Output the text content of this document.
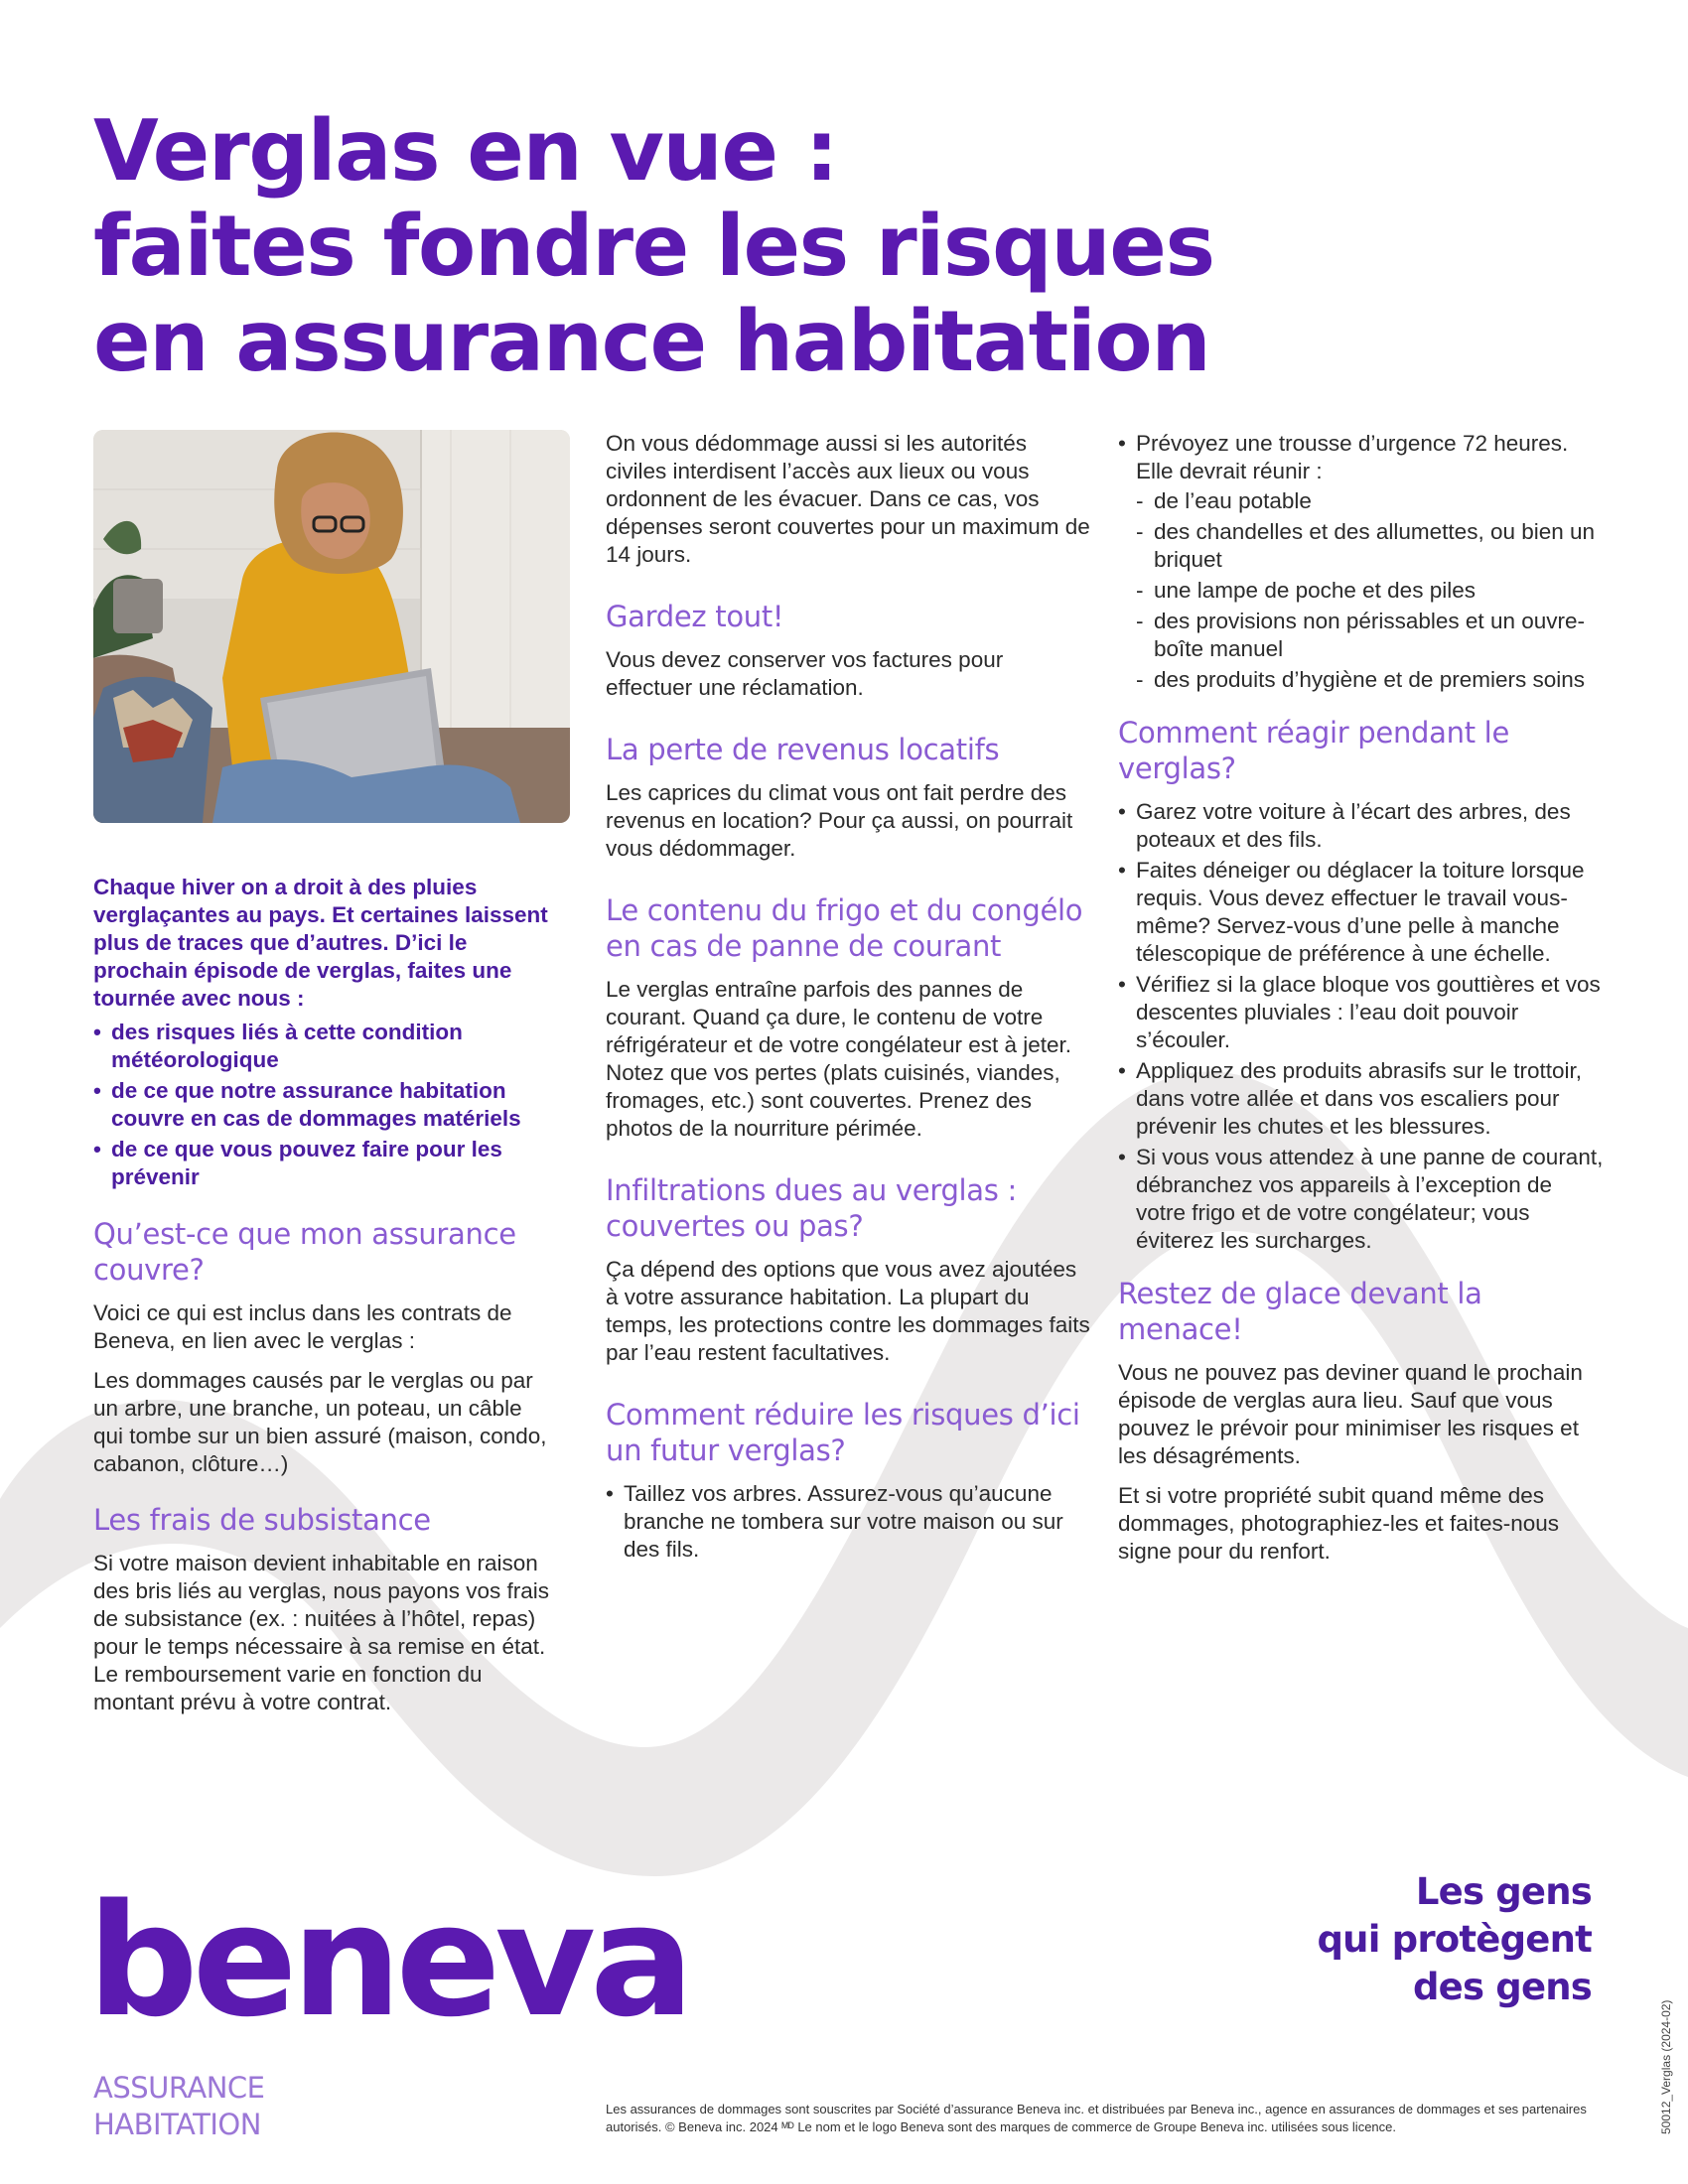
Verglas en vue :
faites fondre les risques
en assurance habitation

Chaque hiver on a droit à des pluies verglaçantes au pays. Et certaines laissent plus de traces que d’autres. D’ici le prochain épisode de verglas, faites une tournée avec nous :

• des risques liés à cette condition météorologique
• de ce que notre assurance habitation couvre en cas de dommages matériels
• de ce que vous pouvez faire pour les prévenir
Qu’est-ce que mon assurance couvre?

Voici ce qui est inclus dans les contrats de Beneva, en lien avec le verglas :

Les dommages causés par le verglas ou par un arbre, une branche, un poteau, un câble qui tombe sur un bien assuré (maison, condo, cabanon, clôture…)

Les frais de subsistance

Si votre maison devient inhabitable en raison des bris liés au verglas, nous payons vos frais de subsistance (ex. : nuitées à l’hôtel, repas) pour le temps nécessaire à sa remise en état. Le remboursement varie en fonction du montant prévu à votre contrat.

On vous dédommage aussi si les autorités civiles interdisent l’accès aux lieux ou vous ordonnent de les évacuer. Dans ce cas, vos dépenses seront couvertes pour un maximum de 14 jours.

Gardez tout!

Vous devez conserver vos factures pour effectuer une réclamation.

La perte de revenus locatifs

Les caprices du climat vous ont fait perdre des revenus en location? Pour ça aussi, on pourrait vous dédommager.

Le contenu du frigo et du congélo en cas de panne de courant

Le verglas entraîne parfois des pannes de courant. Quand ça dure, le contenu de votre réfrigérateur et de votre congélateur est à jeter. Notez que vos pertes (plats cuisinés, viandes, fromages, etc.) sont couvertes. Prenez des photos de la nourriture périmée.

Infiltrations dues au verglas : couvertes ou pas?

Ça dépend des options que vous avez ajoutées à votre assurance habitation. La plupart du temps, les protections contre les dommages faits par l’eau restent facultatives.

Comment réduire les risques d’ici un futur verglas?
• Taillez vos arbres. Assurez-vous qu’aucune branche ne tombera sur votre maison ou sur des fils.
• Prévoyez une trousse d’urgence 72 heures. Elle devrait réunir :
- de l’eau potable
- des chandelles et des allumettes, ou bien un briquet
- une lampe de poche et des piles
- des provisions non périssables et un ouvre-boîte manuel
- des produits d’hygiène et de premiers soins
Comment réagir pendant le verglas?
• Garez votre voiture à l’écart des arbres, des poteaux et des fils.
• Faites déneiger ou déglacer la toiture lorsque requis. Vous devez effectuer le travail vous-même? Servez-vous d’une pelle à manche télescopique de préférence à une échelle.
• Vérifiez si la glace bloque vos gouttières et vos descentes pluviales : l’eau doit pouvoir s’écouler.
• Appliquez des produits abrasifs sur le trottoir, dans votre allée et dans vos escaliers pour prévenir les chutes et les blessures.
• Si vous vous attendez à une panne de courant, débranchez vos appareils à l’exception de votre frigo et de votre congélateur; vous éviterez les surcharges.
Restez de glace devant la menace!

Vous ne pouvez pas deviner quand le prochain épisode de verglas aura lieu. Sauf que vous pouvez le prévoir pour minimiser les risques et les désagréments.

Et si votre propriété subit quand même des dommages, photographiez-les et faites-nous signe pour du renfort.

beneva
ASSURANCE
HABITATION
Les gens
qui protègent
des gens

Les assurances de dommages sont souscrites par Société d’assurance Beneva inc. et distribuées par Beneva inc., agence en assurances de dommages et ses partenaires autorisés. © Beneva inc. 2024 ᴹᴰ Le nom et le logo Beneva sont des marques de commerce de Groupe Beneva inc. utilisées sous licence.	50012_Verglas (2024-02)
